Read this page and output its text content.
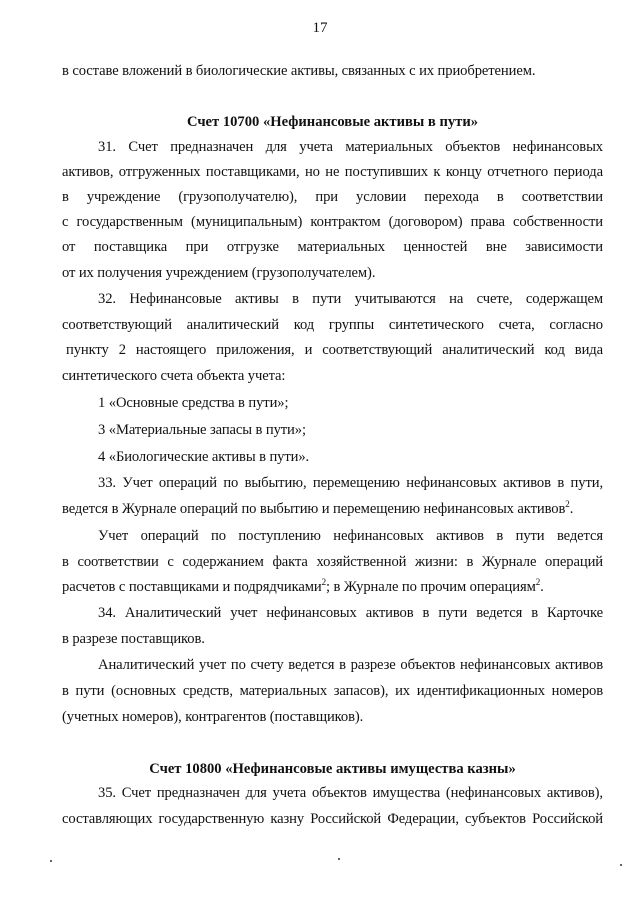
17
в составе вложений в биологические активы, связанных с их приобретением.
Счет 10700 «Нефинансовые активы в пути»
31. Счет предназначен для учета материальных объектов нефинансовых
активов, отгруженных поставщиками, но не поступивших к концу отчетного периода
в учреждение (грузополучателю), при условии перехода в соответствии
с государственным (муниципальным) контрактом (договором) права собственности
от поставщика при отгрузке материальных ценностей вне зависимости
от их получения учреждением (грузополучателем).
32. Нефинансовые активы в пути учитываются на счете, содержащем
соответствующий аналитический код группы синтетического счета, согласно
пункту 2 настоящего приложения, и соответствующий аналитический код вида
синтетического счета объекта учета:
1 «Основные средства в пути»;
3 «Материальные запасы в пути»;
4 «Биологические активы в пути».
33. Учет операций по выбытию, перемещению нефинансовых активов в пути,
ведется в Журнале операций по выбытию и перемещению нефинансовых активов$^2$.
Учет операций по поступлению нефинансовых активов в пути ведется
в соответствии с содержанием факта хозяйственной жизни: в Журнале операций
расчетов с поставщиками и подрядчиками$^2$; в Журнале по прочим операциям$^2$.
34. Аналитический учет нефинансовых активов в пути ведется в Карточке
в разрезе поставщиков.
Аналитический учет по счету ведется в разрезе объектов нефинансовых активов
в пути (основных средств, материальных запасов), их идентификационных номеров
(учетных номеров), контрагентов (поставщиков).
Счет 10800 «Нефинансовые активы имущества казны»
35. Счет предназначен для учета объектов имущества (нефинансовых активов),
составляющих государственную казну Российской Федерации, субъектов Российской
